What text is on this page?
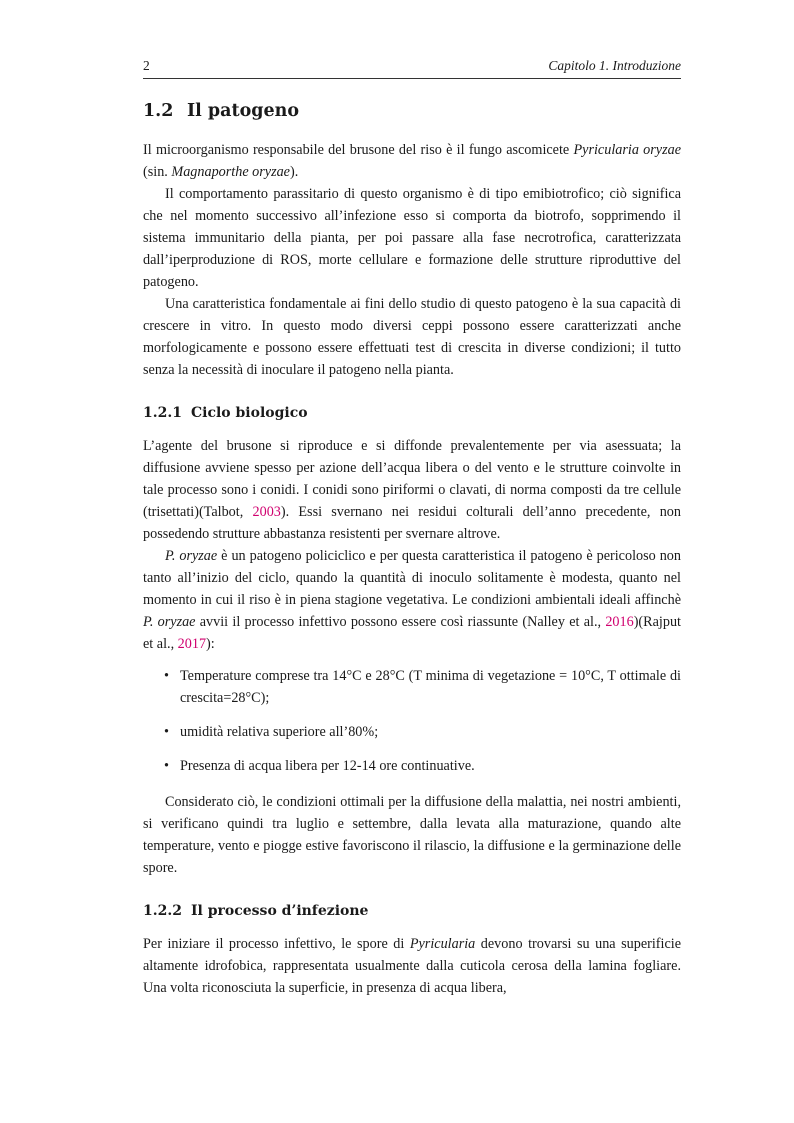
2	Capitolo 1. Introduzione
1.2 Il patogeno

Il microorganismo responsabile del brusone del riso è il fungo ascomicete Pyricularia oryzae (sin. Magnaporthe oryzae).

Il comportamento parassitario di questo organismo è di tipo emibiotrofico; ciò significa che nel momento successivo all’infezione esso si comporta da biotrofo, sopprimendo il sistema immunitario della pianta, per poi passare alla fase necrotrofica, caratterizzata dall’iperproduzione di ROS, morte cellulare e formazione delle strutture riproduttive del patogeno.

Una caratteristica fondamentale ai fini dello studio di questo patogeno è la sua capacità di crescere in vitro. In questo modo diversi ceppi possono essere caratterizzati anche morfologicamente e possono essere effettuati test di crescita in diverse condizioni; il tutto senza la necessità di inoculare il patogeno nella pianta.

1.2.1 Ciclo biologico

L’agente del brusone si riproduce e si diffonde prevalentemente per via asessuata; la diffusione avviene spesso per azione dell’acqua libera o del vento e le strutture coinvolte in tale processo sono i conidi. I conidi sono piriformi o clavati, di norma composti da tre cellule (trisettati)(Talbot, 2003). Essi svernano nei residui colturali dell’anno precedente, non possedendo strutture abbastanza resistenti per svernare altrove.

P. oryzae è un patogeno policiclico e per questa caratteristica il patogeno è pericoloso non tanto all’inizio del ciclo, quando la quantità di inoculo solitamente è modesta, quanto nel momento in cui il riso è in piena stagione vegetativa. Le condizioni ambientali ideali affinchè P. oryzae avvii il processo infettivo possono essere così riassunte (Nalley et al., 2016)(Rajput et al., 2017):

• Temperature comprese tra 14°C e 28°C (T minima di vegetazione = 10°C, T ottimale di crescita=28°C);
• umidità relativa superiore all’80%;
• Presenza di acqua libera per 12-14 ore continuative.

Considerato ciò, le condizioni ottimali per la diffusione della malattia, nei nostri ambienti, si verificano quindi tra luglio e settembre, dalla levata alla maturazione, quando alte temperature, vento e piogge estive favoriscono il rilascio, la diffusione e la germinazione delle spore.

1.2.2 Il processo d’infezione

Per iniziare il processo infettivo, le spore di Pyricularia devono trovarsi su una superificie altamente idrofobica, rappresentata usualmente dalla cuticola cerosa della lamina fogliare. Una volta riconosciuta la superficie, in presenza di acqua libera,
